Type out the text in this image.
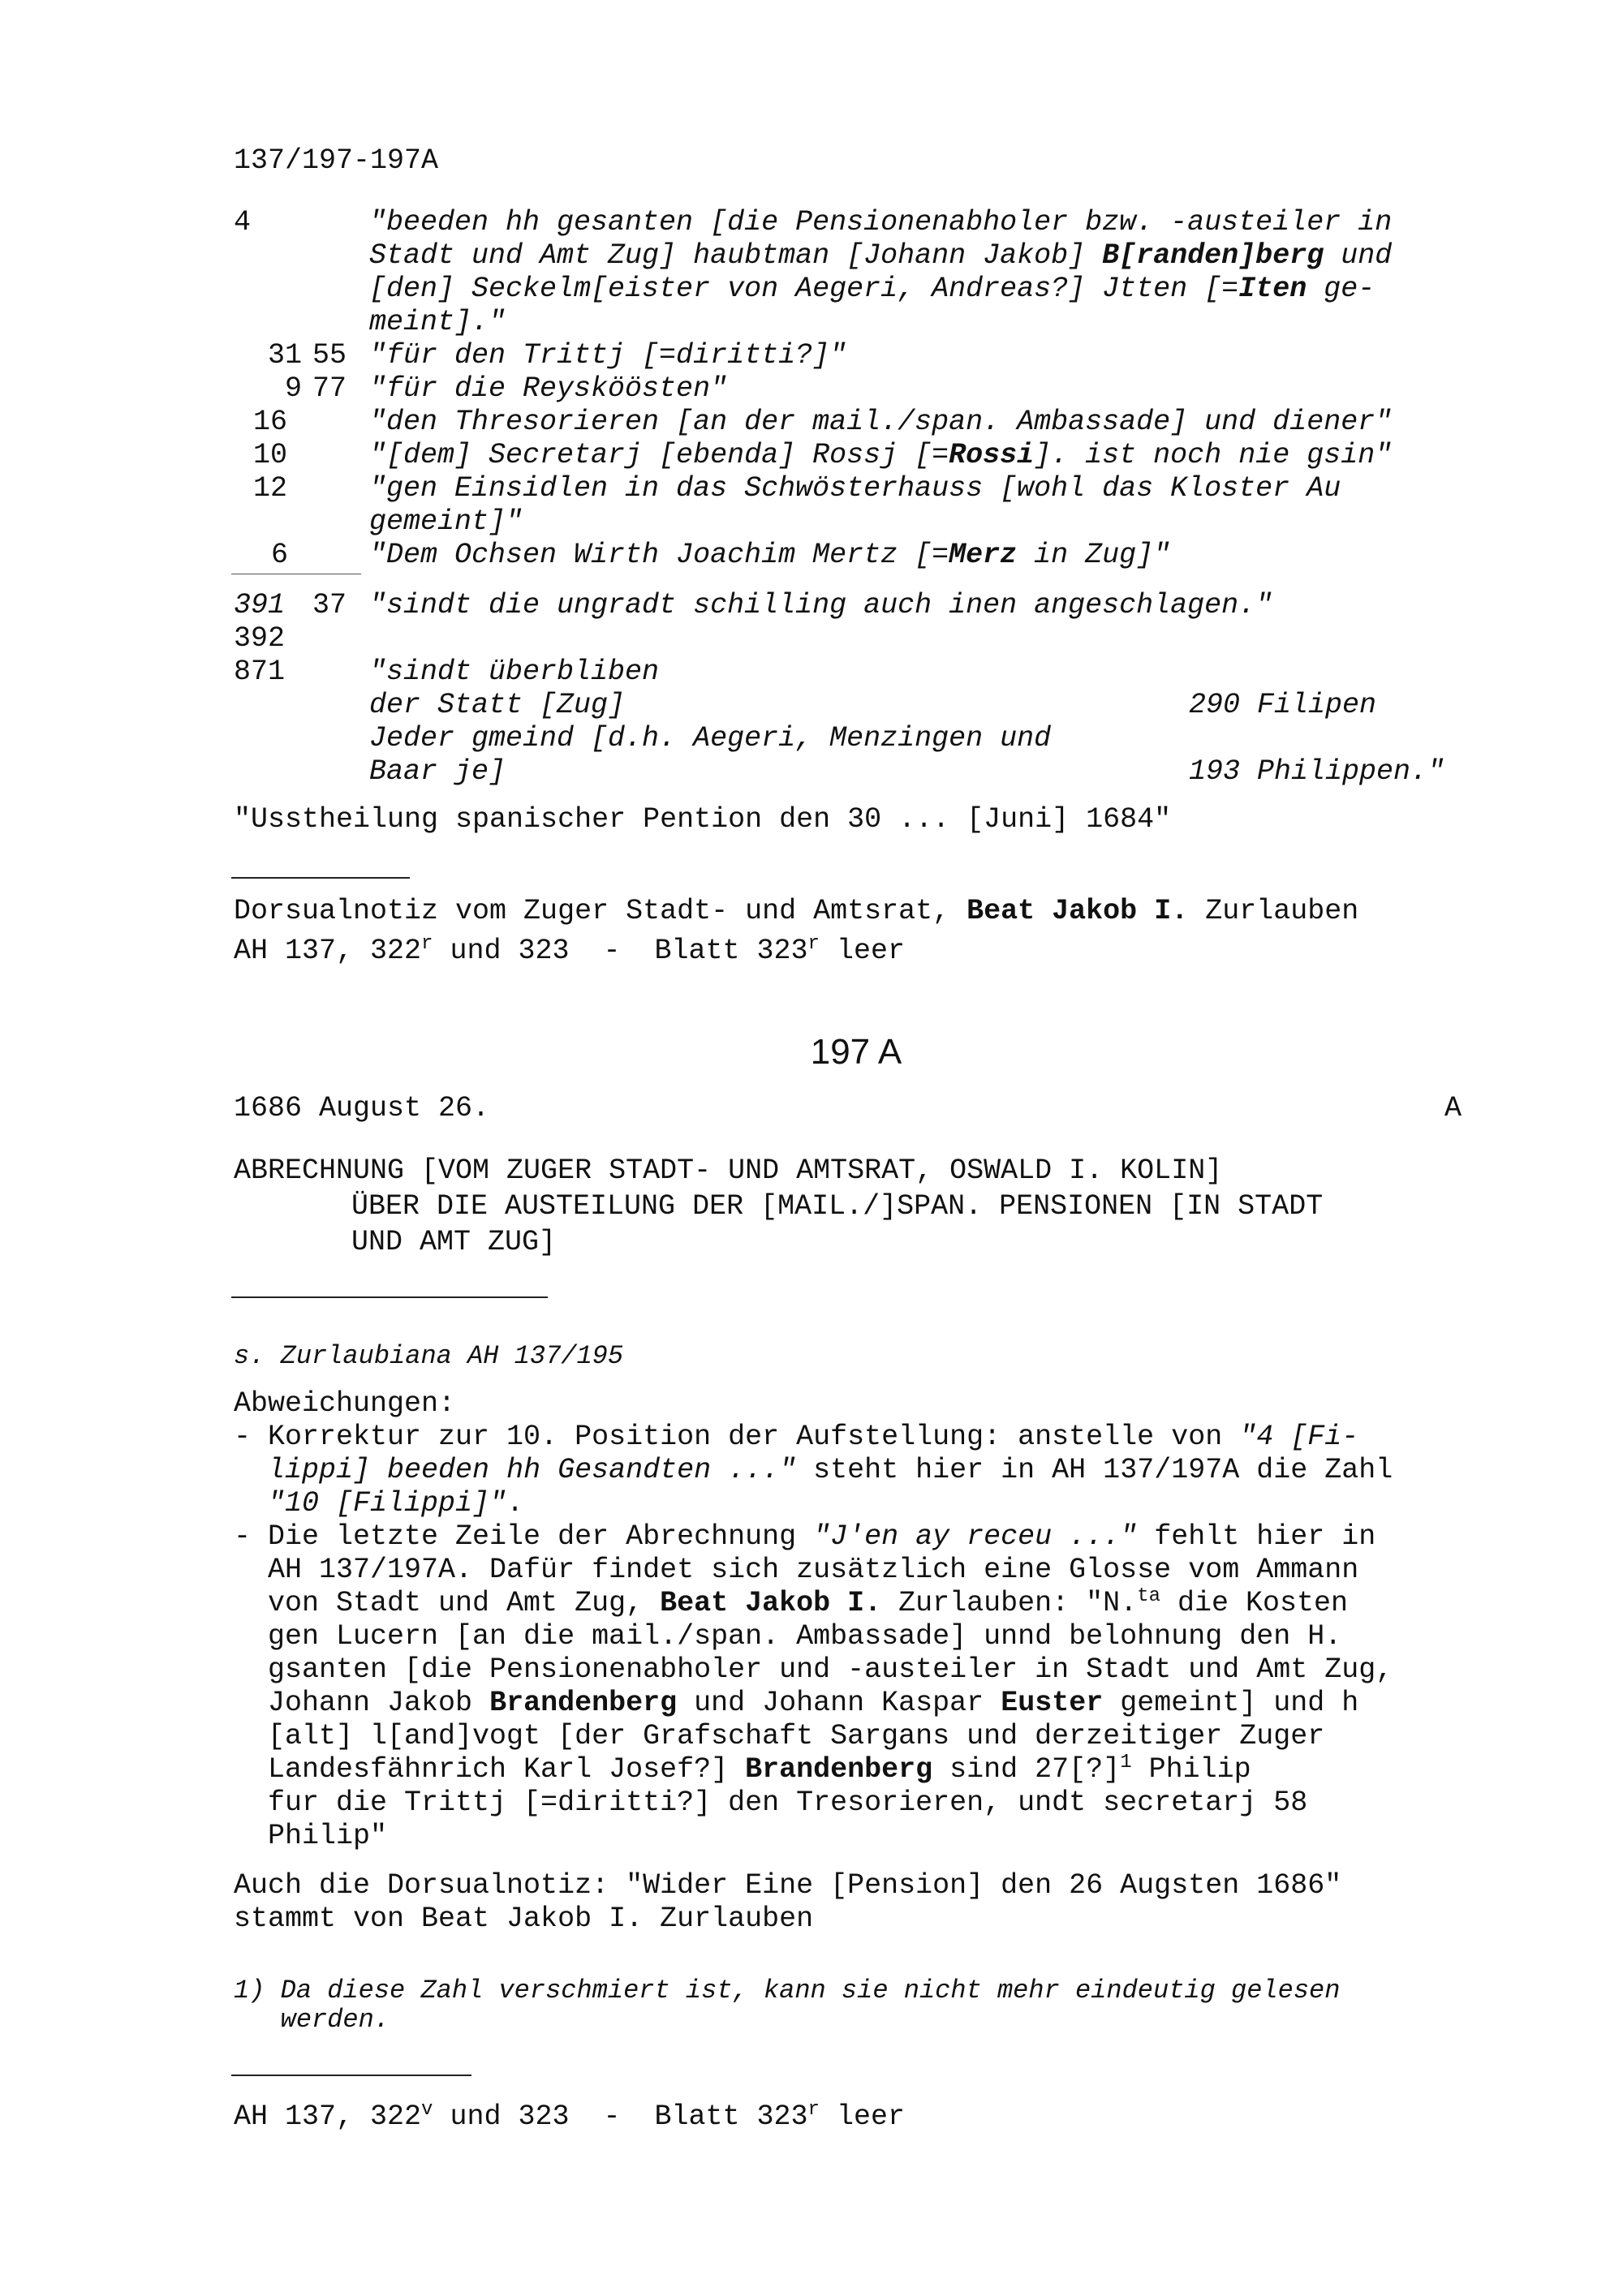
137/197-197A
4	"beeden hh gesanten [die Pensionenabholer bzw. -austeiler in
Stadt und Amt Zug] haubtman [Johann Jakob] B[randen]berg und
[den] Seckelm[eister von Aegeri, Andreas?] Jtten [=Iten ge-
meint]."
31 55 "für den Trittj [=diritti?]"
9 77 "für die Reysköösten"
16	"den Thresorieren [an der mail./span. Ambassade] und diener"
10	"[dem] Secretarj [ebenda] Rossj [=Rossi]. ist noch nie gsin"
12	"gen Einsidlen in das Schwösterhauss [wohl das Kloster Au
gemeint]"
6	"Dem Ochsen Wirth Joachim Mertz [=Merz in Zug]"
391 37 "sindt die ungradt schilling auch inen angeschlagen."
392
871	"sindt überbliben
der Statt [Zug]	290 Filipen
Jeder gmeind [d.h. Aegeri, Menzingen und
Baar je]	193 Philippen."
"Usstheilung spanischer Pention den 30 ... [Juni] 1684"
Dorsualnotiz vom Zuger Stadt- und Amtsrat, Beat Jakob I. Zurlauben
AH 137, 322$^r$ und 323  -  Blatt 323$^r$ leer
197 A
1686 August 26.	A
ABRECHNUNG [VOM ZUGER STADT- UND AMTSRAT, OSWALD I. KOLIN]
ÜBER DIE AUSTEILUNG DER [MAIL./]SPAN. PENSIONEN [IN STADT
UND AMT ZUG]
s. Zurlaubiana AH 137/195
Abweichungen:
- Korrektur zur 10. Position der Aufstellung: anstelle von "4 [Fi-
lippi] beeden hh Gesandten ..." steht hier in AH 137/197A die Zahl
"10 [Filippi]".
- Die letzte Zeile der Abrechnung "J'en ay receu ..." fehlt hier in
AH 137/197A. Dafür findet sich zusätzlich eine Glosse vom Ammann
von Stadt und Amt Zug, Beat Jakob I. Zurlauben: "N.$^{ta}$ die Kosten
gen Lucern [an die mail./span. Ambassade] unnd belohnung den H.
gsanten [die Pensionenabholer und -austeiler in Stadt und Amt Zug,
Johann Jakob Brandenberg und Johann Kaspar Euster gemeint] und h
[alt] l[and]vogt [der Grafschaft Sargans und derzeitiger Zuger
Landesfähnrich Karl Josef?] Brandenberg sind 27[?]$^1$ Philip
fur die Trittj [=diritti?] den Tresorieren, undt secretarj 58
Philip"
Auch die Dorsualnotiz: "Wider Eine [Pension] den 26 Augsten 1686"
stammt von Beat Jakob I. Zurlauben
1) Da diese Zahl verschmiert ist, kann sie nicht mehr eindeutig gelesen
werden.
AH 137, 322$^v$ und 323  -  Blatt 323$^r$ leer
